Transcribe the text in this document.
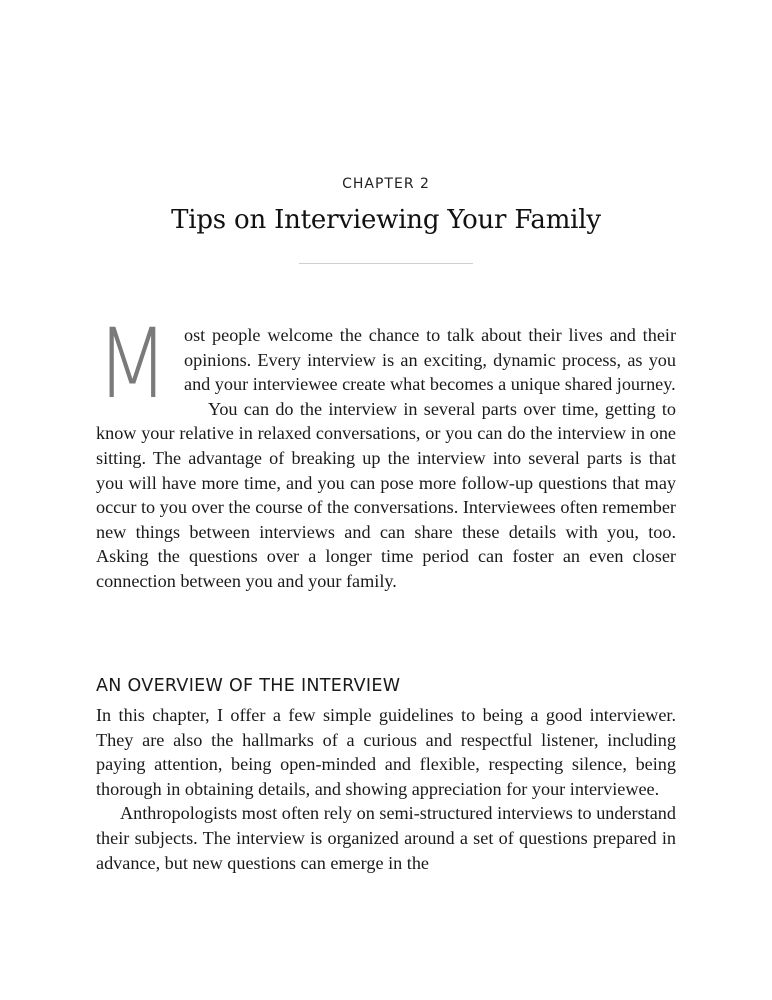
CHAPTER 2
Tips on Interviewing Your Family

Most people welcome the chance to talk about their lives and their opinions. Every interview is an exciting, dynamic process, as you and your interviewee create what becomes a unique shared journey.

You can do the interview in several parts over time, getting to know your relative in relaxed conversations, or you can do the interview in one sitting. The advantage of breaking up the interview into several parts is that you will have more time, and you can pose more follow-up questions that may occur to you over the course of the conversations. Interviewees often remember new things between interviews and can share these details with you, too. Asking the questions over a longer time period can foster an even closer connection between you and your family.

AN OVERVIEW OF THE INTERVIEW

In this chapter, I offer a few simple guidelines to being a good interviewer. They are also the hallmarks of a curious and respectful listener, including paying attention, being open-minded and flexible, respecting silence, being thorough in obtaining details, and showing appreciation for your interviewee.

Anthropologists most often rely on semi-structured interviews to understand their subjects. The interview is organized around a set of questions prepared in advance, but new questions can emerge in the
